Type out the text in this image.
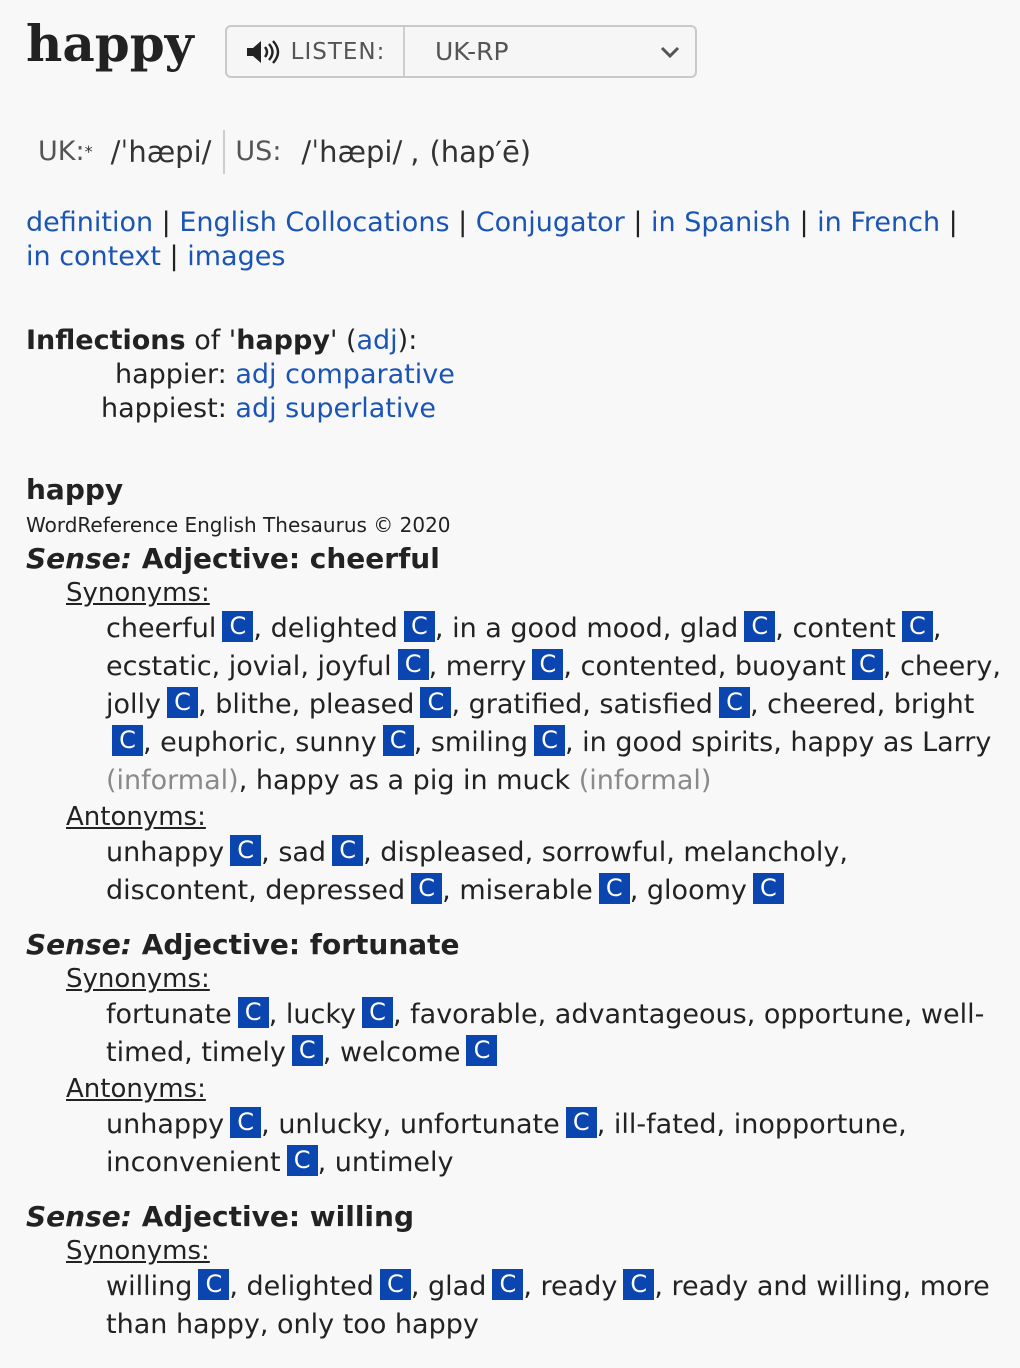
happy	LISTEN: UK-RP
UK: * /ˈhæpi/ US: /ˈhæpi/ , (hap′ē)
definition | English Collocations | Conjugator | in Spanish | in French | in context | images
Inflections of 'happy' (adj):
happier: adj comparative
happiest: adj superlative
happy
WordReference English Thesaurus © 2020
Sense: Adjective: cheerful
Synonyms:
cheerful C , delighted C , in a good mood, glad C , content C , ecstatic, jovial, joyful C , merry C , contented, buoyant C , cheery, jolly C , blithe, pleased C , gratified, satisfied C , cheered, brightC , euphoric, sunny C , smiling C , in good spirits, happy as Larry (informal), happy as a pig in muck (informal)
Antonyms:
unhappy C , sad C , displeased, sorrowful, melancholy, discontent, depressed C , miserable C , gloomy C
Sense: Adjective: fortunate
Synonyms:
fortunate C , lucky C , favorable, advantageous, opportune, well-timed, timely C , welcome C
Antonyms:
unhappy C , unlucky, unfortunate C , ill-fated, inopportune, inconvenient C , untimely
Sense: Adjective: willing
Synonyms:
willing C , delighted C , glad C , ready C , ready and willing, more than happy, only too happy
